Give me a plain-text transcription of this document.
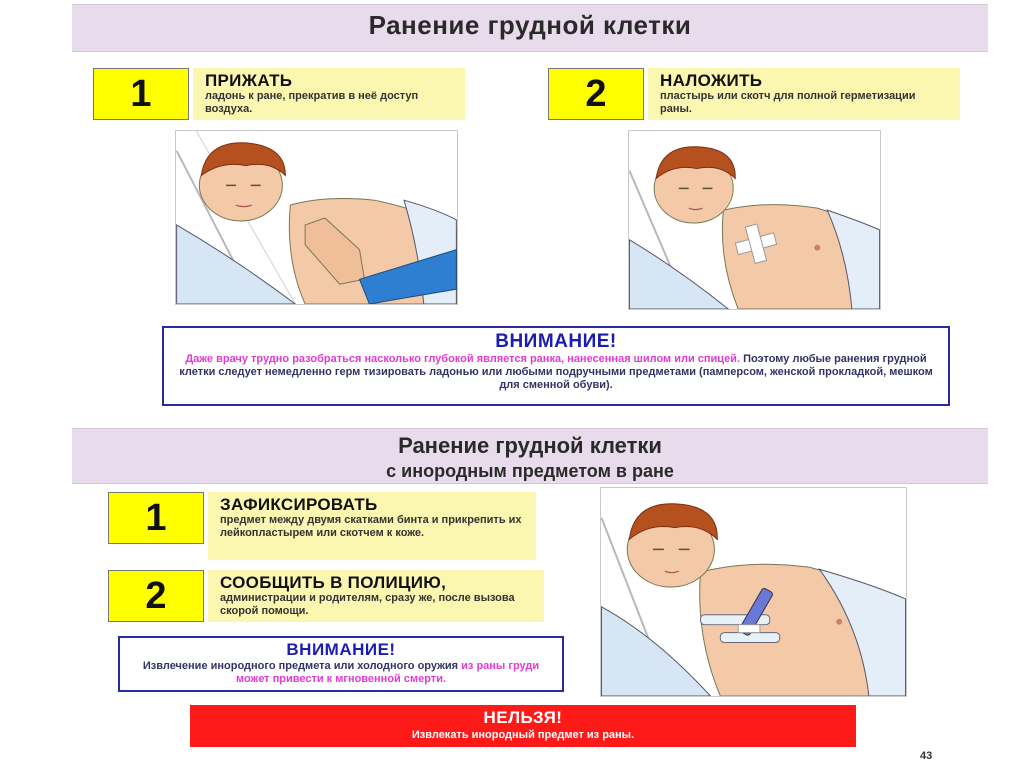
Ранение грудной клетки
1	ПРИЖАТЬ
ладонь к ране, прекратив в неё доступ воздуха.	2	НАЛОЖИТЬ
пластырь или скотч для полной герметизации раны.
ВНИМАНИЕ!
Даже врачу трудно разобраться насколько глубокой является ранка, нанесенная шилом или спицей. Поэтому любые ранения грудной клетки следует немедленно герм тизировать ладонью или любыми подручными предметами (памперсом, женской прокладкой, мешком для сменной обуви).
Ранение грудной клетки
с инородным предметом в ране
1	ЗАФИКСИРОВАТЬ
предмет между двумя скатками бинта и прикрепить их лейкопластырем или скотчем к коже.
2	СООБЩИТЬ В ПОЛИЦИЮ,
администрации и родителям, сразу же, после вызова скорой помощи.
ВНИМАНИЕ!
Извлечение инородного предмета или холодного оружия из раны груди может привести к мгновенной смерти.
НЕЛЬЗЯ!
Извлекать инородный предмет из раны.
43
